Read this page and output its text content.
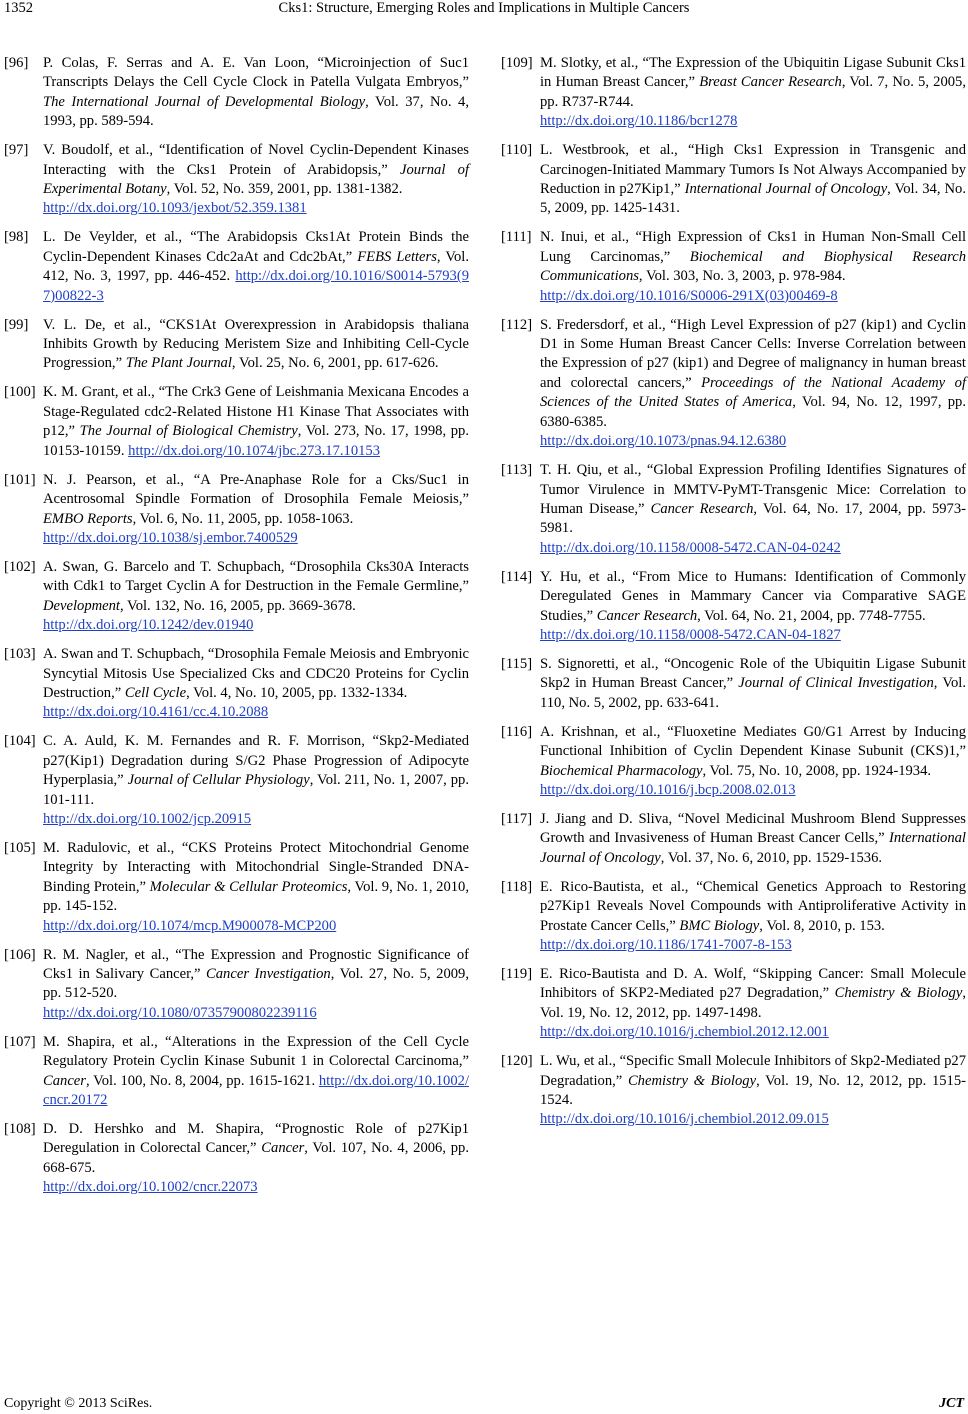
1352	Cks1: Structure, Emerging Roles and Implications in Multiple Cancers
[96] P. Colas, F. Serras and A. E. Van Loon, “Microinjection of Suc1 Transcripts Delays the Cell Cycle Clock in Patella Vulgata Embryos,” The International Journal of Developmental Biology, Vol. 37, No. 4, 1993, pp. 589-594.
[97] V. Boudolf, et al., “Identification of Novel Cyclin-Dependent Kinases Interacting with the Cks1 Protein of Arabidopsis,” Journal of Experimental Botany, Vol. 52, No. 359, 2001, pp. 1381-1382.
http://dx.doi.org/10.1093/jexbot/52.359.1381
[98] L. De Veylder, et al., “The Arabidopsis Cks1At Protein Binds the Cyclin-Dependent Kinases Cdc2aAt and Cdc2bAt,” FEBS Letters, Vol. 412, No. 3, 1997, pp. 446-452. http://dx.doi.org/10.1016/S0014-5793(97)00822-3
[99] V. L. De, et al., “CKS1At Overexpression in Arabidopsis thaliana Inhibits Growth by Reducing Meristem Size and Inhibiting Cell-Cycle Progression,” The Plant Journal, Vol. 25, No. 6, 2001, pp. 617-626.
[100] K. M. Grant, et al., “The Crk3 Gene of Leishmania Mexicana Encodes a Stage-Regulated cdc2-Related Histone H1 Kinase That Associates with p12,” The Journal of Biological Chemistry, Vol. 273, No. 17, 1998, pp. 10153-10159. http://dx.doi.org/10.1074/jbc.273.17.10153
[101] N. J. Pearson, et al., “A Pre-Anaphase Role for a Cks/Suc1 in Acentrosomal Spindle Formation of Drosophila Female Meiosis,” EMBO Reports, Vol. 6, No. 11, 2005, pp. 1058-1063.
http://dx.doi.org/10.1038/sj.embor.7400529
[102] A. Swan, G. Barcelo and T. Schupbach, “Drosophila Cks30A Interacts with Cdk1 to Target Cyclin A for Destruction in the Female Germline,” Development, Vol. 132, No. 16, 2005, pp. 3669-3678.
http://dx.doi.org/10.1242/dev.01940
[103] A. Swan and T. Schupbach, “Drosophila Female Meiosis and Embryonic Syncytial Mitosis Use Specialized Cks and CDC20 Proteins for Cyclin Destruction,” Cell Cycle, Vol. 4, No. 10, 2005, pp. 1332-1334.
http://dx.doi.org/10.4161/cc.4.10.2088
[104] C. A. Auld, K. M. Fernandes and R. F. Morrison, “Skp2-Mediated p27(Kip1) Degradation during S/G2 Phase Progression of Adipocyte Hyperplasia,” Journal of Cellular Physiology, Vol. 211, No. 1, 2007, pp. 101-111.
http://dx.doi.org/10.1002/jcp.20915
[105] M. Radulovic, et al., “CKS Proteins Protect Mitochondrial Genome Integrity by Interacting with Mitochondrial Single-Stranded DNA-Binding Protein,” Molecular & Cellular Proteomics, Vol. 9, No. 1, 2010, pp. 145-152.
http://dx.doi.org/10.1074/mcp.M900078-MCP200
[106] R. M. Nagler, et al., “The Expression and Prognostic Significance of Cks1 in Salivary Cancer,” Cancer Investigation, Vol. 27, No. 5, 2009, pp. 512-520.
http://dx.doi.org/10.1080/07357900802239116
[107] M. Shapira, et al., “Alterations in the Expression of the Cell Cycle Regulatory Protein Cyclin Kinase Subunit 1 in Colorectal Carcinoma,” Cancer, Vol. 100, No. 8, 2004, pp. 1615-1621. http://dx.doi.org/10.1002/cncr.20172
[108] D. D. Hershko and M. Shapira, “Prognostic Role of p27Kip1 Deregulation in Colorectal Cancer,” Cancer, Vol. 107, No. 4, 2006, pp. 668-675.
http://dx.doi.org/10.1002/cncr.22073
[109] M. Slotky, et al., “The Expression of the Ubiquitin Ligase Subunit Cks1 in Human Breast Cancer,” Breast Cancer Research, Vol. 7, No. 5, 2005, pp. R737-R744.
http://dx.doi.org/10.1186/bcr1278
[110] L. Westbrook, et al., “High Cks1 Expression in Transgenic and Carcinogen-Initiated Mammary Tumors Is Not Always Accompanied by Reduction in p27Kip1,” International Journal of Oncology, Vol. 34, No. 5, 2009, pp. 1425-1431.
[111] N. Inui, et al., “High Expression of Cks1 in Human Non-Small Cell Lung Carcinomas,” Biochemical and Biophysical Research Communications, Vol. 303, No. 3, 2003, p. 978-984.
http://dx.doi.org/10.1016/S0006-291X(03)00469-8
[112] S. Fredersdorf, et al., “High Level Expression of p27 (kip1) and Cyclin D1 in Some Human Breast Cancer Cells: Inverse Correlation between the Expression of p27 (kip1) and Degree of malignancy in human breast and colorectal cancers,” Proceedings of the National Academy of Sciences of the United States of America, Vol. 94, No. 12, 1997, pp. 6380-6385.
http://dx.doi.org/10.1073/pnas.94.12.6380
[113] T. H. Qiu, et al., “Global Expression Profiling Identifies Signatures of Tumor Virulence in MMTV-PyMT-Transgenic Mice: Correlation to Human Disease,” Cancer Research, Vol. 64, No. 17, 2004, pp. 5973-5981.
http://dx.doi.org/10.1158/0008-5472.CAN-04-0242
[114] Y. Hu, et al., “From Mice to Humans: Identification of Commonly Deregulated Genes in Mammary Cancer via Comparative SAGE Studies,” Cancer Research, Vol. 64, No. 21, 2004, pp. 7748-7755.
http://dx.doi.org/10.1158/0008-5472.CAN-04-1827
[115] S. Signoretti, et al., “Oncogenic Role of the Ubiquitin Ligase Subunit Skp2 in Human Breast Cancer,” Journal of Clinical Investigation, Vol. 110, No. 5, 2002, pp. 633-641.
[116] A. Krishnan, et al., “Fluoxetine Mediates G0/G1 Arrest by Inducing Functional Inhibition of Cyclin Dependent Kinase Subunit (CKS)1,” Biochemical Pharmacology, Vol. 75, No. 10, 2008, pp. 1924-1934.
http://dx.doi.org/10.1016/j.bcp.2008.02.013
[117] J. Jiang and D. Sliva, “Novel Medicinal Mushroom Blend Suppresses Growth and Invasiveness of Human Breast Cancer Cells,” International Journal of Oncology, Vol. 37, No. 6, 2010, pp. 1529-1536.
[118] E. Rico-Bautista, et al., “Chemical Genetics Approach to Restoring p27Kip1 Reveals Novel Compounds with Antiproliferative Activity in Prostate Cancer Cells,” BMC Biology, Vol. 8, 2010, p. 153.
http://dx.doi.org/10.1186/1741-7007-8-153
[119] E. Rico-Bautista and D. A. Wolf, “Skipping Cancer: Small Molecule Inhibitors of SKP2-Mediated p27 Degradation,” Chemistry & Biology, Vol. 19, No. 12, 2012, pp. 1497-1498.
http://dx.doi.org/10.1016/j.chembiol.2012.12.001
[120] L. Wu, et al., “Specific Small Molecule Inhibitors of Skp2-Mediated p27 Degradation,” Chemistry & Biology, Vol. 19, No. 12, 2012, pp. 1515-1524.
http://dx.doi.org/10.1016/j.chembiol.2012.09.015
Copyright © 2013 SciRes.	JCT
